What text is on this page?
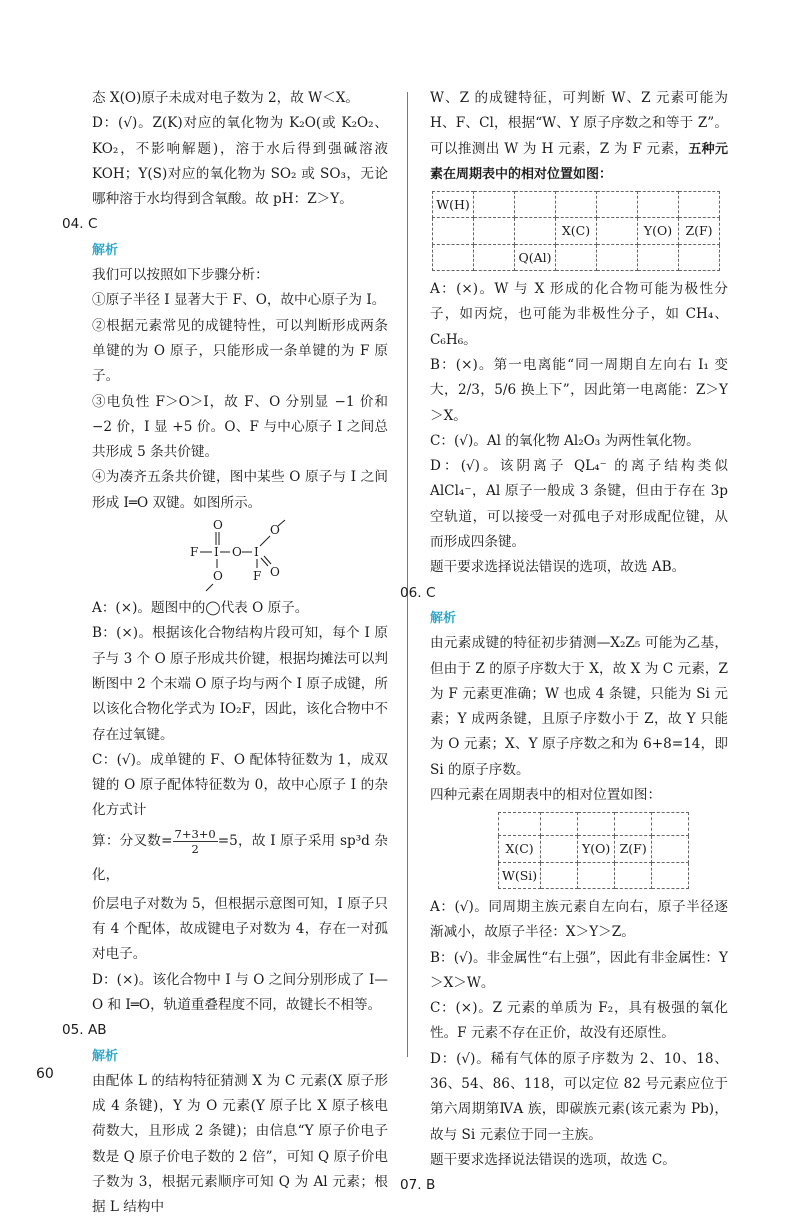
态 X(O)原子未成对电子数为 2，故 W＜X。

D：(√)。Z(K)对应的氧化物为 K₂O(或 K₂O₂、KO₂，不影响解题)，溶于水后得到强碱溶液 KOH；Y(S)对应的氧化物为 SO₂ 或 SO₃，无论哪种溶于水均得到含氧酸。故 pH：Z＞Y。

04. C

解析

我们可以按照如下步骤分析：

①原子半径 I 显著大于 F、O，故中心原子为 I。

②根据元素常见的成键特性，可以判断形成两条单键的为 O 原子，只能形成一条单键的为 F 原子。

③电负性 F＞O＞I，故 F、O 分别显 −1 价和 −2 价，I 显 +5 价。O、F 与中心原子 I 之间总共形成 5 条共价键。

④为凑齐五条共价键，图中某些 O 原子与 I 之间形成 I═O 双键。如图所示。

F I
O
O
O
I
O
F O

A：(×)。题图中的◯代表 O 原子。

B：(×)。根据该化合物结构片段可知，每个 I 原子与 3 个 O 原子形成共价键，根据均摊法可以判断图中 2 个末端 O 原子均与两个 I 原子成键，所以该化合物化学式为 IO₂F，因此，该化合物中不存在过氧键。

C：(√)。成单键的 F、O 配体特征数为 1，成双键的 O 原子配体特征数为 0，故中心原子 I 的杂化方式计

算：分叉数= $\frac{7+3+0}{2} =5$，故 I 原子采用 sp³d 杂化，

价层电子对数为 5，但根据示意图可知，I 原子只有 4 个配体，故成键电子对数为 4，存在一对孤对电子。

D：(×)。该化合物中 I 与 O 之间分别形成了 I—O 和 I═O，轨道重叠程度不同，故键长不相等。

05. AB

解析

由配体 L 的结构特征猜测 X 为 C 元素(X 原子形成 4 条键)，Y 为 O 元素(Y 原子比 X 原子核电荷数大，且形成 2 条键)；由信息“Y 原子价电子数是 Q 原子价电子数的 2 倍”，可知 Q 原子价电子数为 3，根据元素顺序可知 Q 为 Al 元素；根据 L 结构中

W、Z 的成键特征，可判断 W、Z 元素可能为 H、F、Cl，根据“W、Y 原子序数之和等于 Z”。可以推测出 W 为 H 元素，Z 为 F 元素，五种元素在周期表中的相对位置如图：

W(H)						
			X(C)		Y(O)	Z(F)
		Q(Al)				

A：(×)。W 与 X 形成的化合物可能为极性分子，如丙烷，也可能为非极性分子，如 CH₄、C₆H₆。

B：(×)。第一电离能“同一周期自左向右 I₁ 变大，2/3，5/6 换上下”，因此第一电离能：Z＞Y＞X。

C：(√)。Al 的氧化物 Al₂O₃ 为两性氧化物。

D：(√)。该阴离子 QL₄⁻ 的离子结构类似 AlCl₄⁻，Al 原子一般成 3 条键，但由于存在 3p 空轨道，可以接受一对孤电子对形成配位键，从而形成四条键。

题干要求选择说法错误的选项，故选 AB。

06. C

解析

由元素成键的特征初步猜测—X₂Z₅ 可能为乙基，但由于 Z 的原子序数大于 X，故 X 为 C 元素，Z 为 F 元素更准确；W 也成 4 条键，只能为 Si 元素；Y 成两条键，且原子序数小于 Z，故 Y 只能为 O 元素；X、Y 原子序数之和为 6+8=14，即 Si 的原子序数。

四种元素在周期表中的相对位置如图：

X(C)		Y(O)	Z(F)	
W(Si)				

A：(√)。同周期主族元素自左向右，原子半径逐渐减小，故原子半径：X＞Y＞Z。

B：(√)。非金属性“右上强”，因此有非金属性：Y＞X＞W。

C：(×)。Z 元素的单质为 F₂，具有极强的氧化性。F 元素不存在正价，故没有还原性。

D：(√)。稀有气体的原子序数为 2、10、18、36、54、86、118，可以定位 82 号元素应位于第六周期第ⅣA 族，即碳族元素(该元素为 Pb)，故与 Si 元素位于同一主族。

题干要求选择说法错误的选项，故选 C。

07. B

60
